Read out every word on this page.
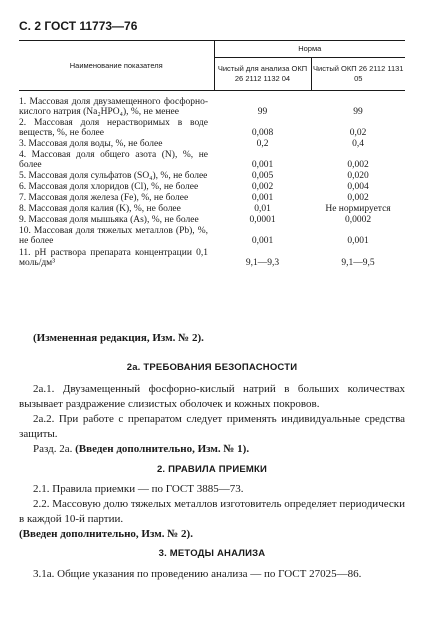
С. 2 ГОСТ 11773—76
Наименование показателя	Норма	
	Чистый для анализа ОКП 26 2112 1132 04	Чистый ОКП 26 2112 1131 05
1. Массовая доля двузамещенного фосфорно-кислого натрия (Na₂HPO₄), %, не менее	99	99
2. Массовая доля нерастворимых в воде веществ, %, не более	0,008	0,02
3. Массовая доля воды, %, не более	0,2	0,4
4. Массовая доля общего азота (N), %, не более	0,001	0,002
5. Массовая доля сульфатов (SO₄), %, не более	0,005	0,020
6. Массовая доля хлоридов (Cl), %, не более	0,002	0,004
7. Массовая доля железа (Fe), %, не более	0,001	0,002
8. Массовая доля калия (K), %, не более	0,01	Не нормируется
9. Массовая доля мышьяка (As), %, не более	0,0001	0,0002
10. Массовая доля тяжелых металлов (Pb), %, не более	0,001	0,001
11. pH раствора препарата концентрации 0,1 моль/дм³	9,1—9,3	9,1—9,5
(Измененная редакция, Изм. № 2).
2а. ТРЕБОВАНИЯ БЕЗОПАСНОСТИ

2а.1. Двузамещенный фосфорно-кислый натрий в больших количествах вызывает раздражение слизистых оболочек и кожных покровов.

2а.2. При работе с препаратом следует применять индивидуальные средства защиты.

Разд. 2а. (Введен дополнительно, Изм. № 1).

2. ПРАВИЛА ПРИЕМКИ

2.1. Правила приемки — по ГОСТ 3885—73.

2.2. Массовую долю тяжелых металлов изготовитель определяет периодически в каждой 10-й партии.

(Введен дополнительно, Изм. № 2).

3. МЕТОДЫ АНАЛИЗА

3.1а. Общие указания по проведению анализа — по ГОСТ 27025—86.
